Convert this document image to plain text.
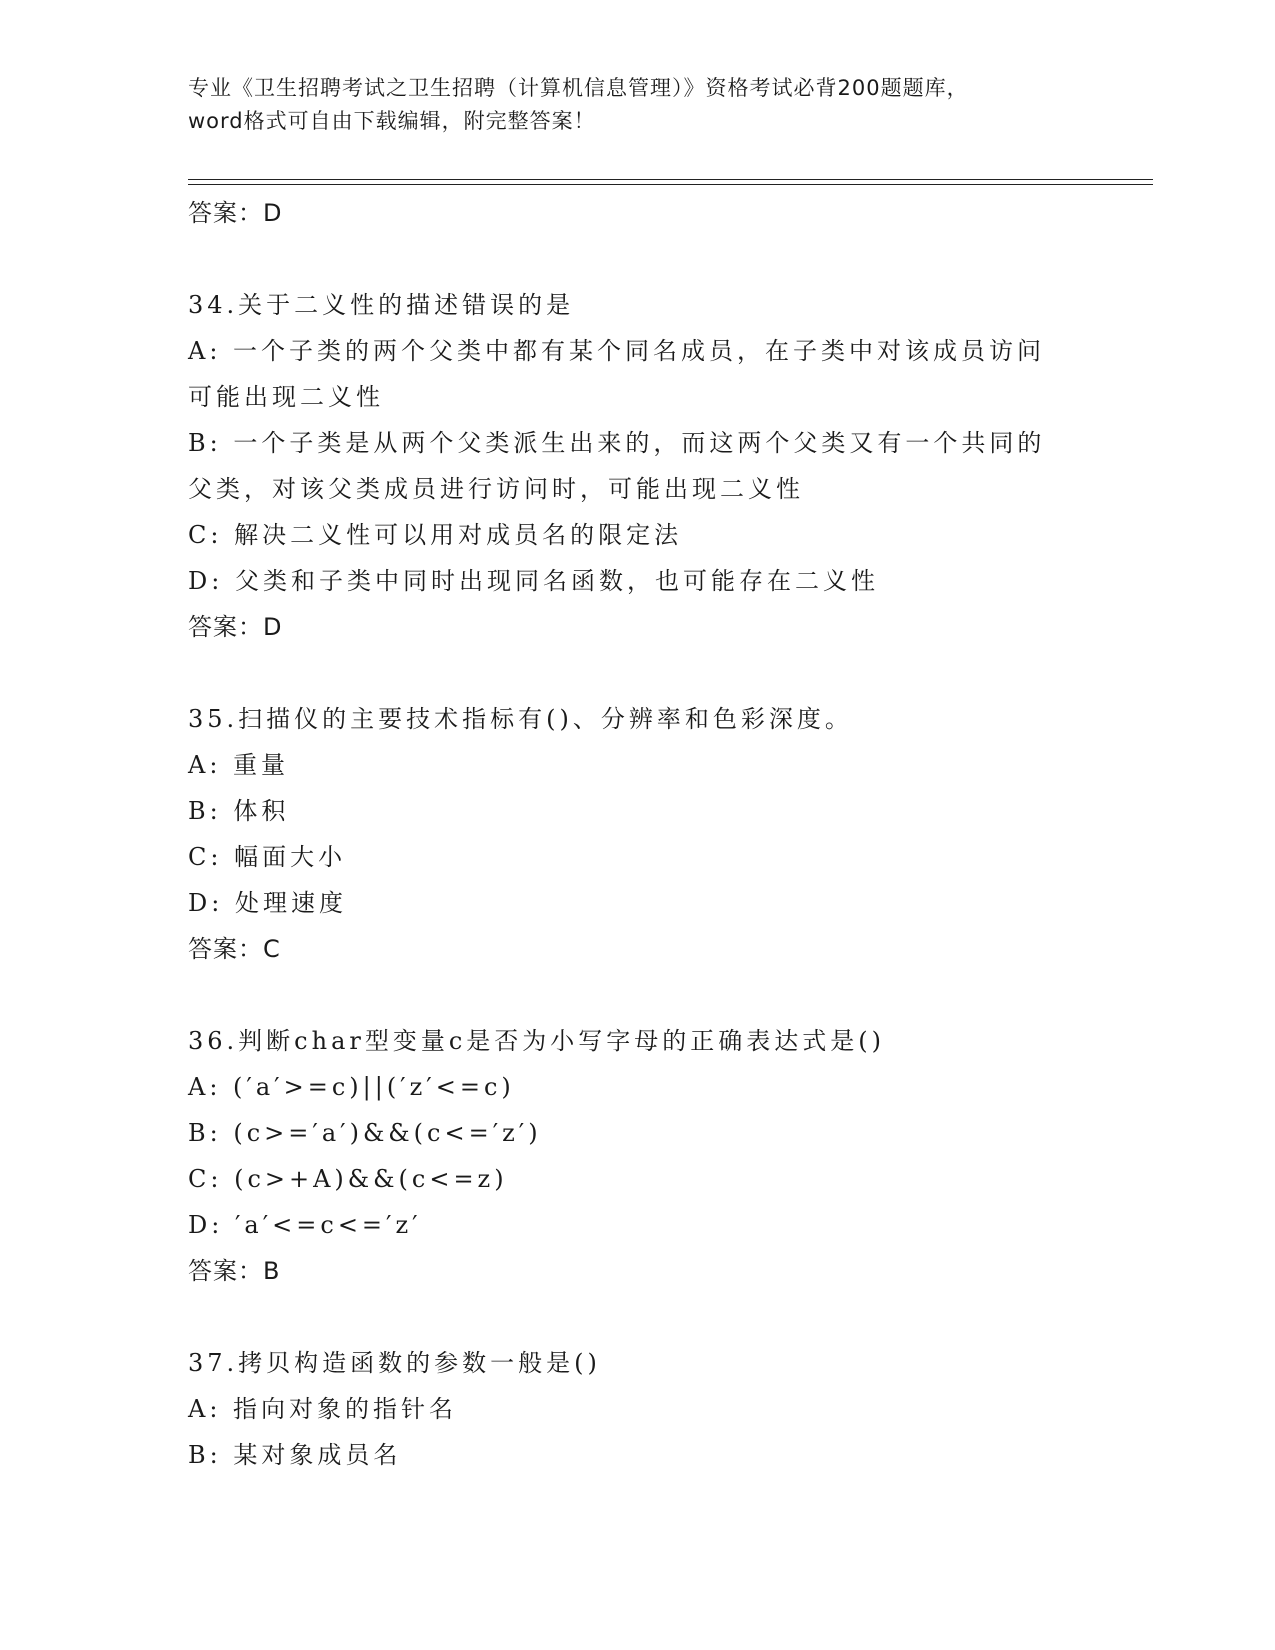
专业《卫生招聘考试之卫生招聘（计算机信息管理）》资格考试必背200题题库，
word格式可自由下载编辑，附完整答案！
答案：D
34.关于二义性的描述错误的是
A: 一个子类的两个父类中都有某个同名成员，在子类中对该成员访问
可能出现二义性
B: 一个子类是从两个父类派生出来的，而这两个父类又有一个共同的
父类，对该父类成员进行访问时，可能出现二义性
C: 解决二义性可以用对成员名的限定法
D: 父类和子类中同时出现同名函数，也可能存在二义性
答案：D
35.扫描仪的主要技术指标有()、分辨率和色彩深度。
A: 重量
B: 体积
C: 幅面大小
D: 处理速度
答案：C
36.判断char型变量c是否为小写字母的正确表达式是()
A: (′a′>=c)||(′z′<=c)
B: (c>=′a′)&&(c<=′z′)
C: (c>+A)&&(c<=z)
D: ′a′<=c<=′z′
答案：B
37.拷贝构造函数的参数一般是()
A: 指向对象的指针名
B: 某对象成员名
